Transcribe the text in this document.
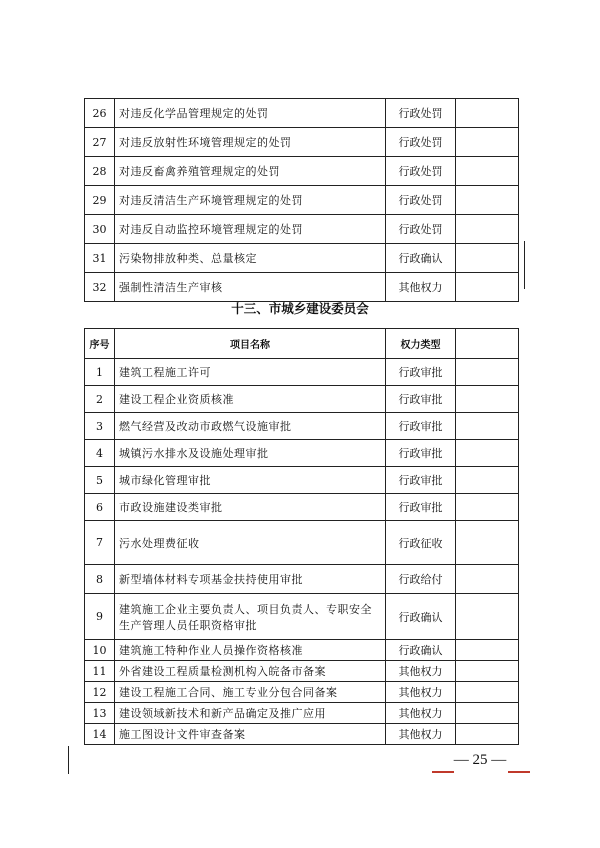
26	对违反化学品管理规定的处罚	行政处罚	
27	对违反放射性环境管理规定的处罚	行政处罚	
28	对违反畜禽养殖管理规定的处罚	行政处罚	
29	对违反清洁生产环境管理规定的处罚	行政处罚	
30	对违反自动监控环境管理规定的处罚	行政处罚	
31	污染物排放种类、总量核定	行政确认	
32	强制性清洁生产审核	其他权力	
十三、市城乡建设委员会
序号	项目名称	权力类型	
1	建筑工程施工许可	行政审批	
2	建设工程企业资质核准	行政审批	
3	燃气经营及改动市政燃气设施审批	行政审批	
4	城镇污水排水及设施处理审批	行政审批	
5	城市绿化管理审批	行政审批	
6	市政设施建设类审批	行政审批	
7	污水处理费征收	行政征收	
8	新型墙体材料专项基金扶持使用审批	行政给付	
9	建筑施工企业主要负责人、项目负责人、专职安全生产管理人员任职资格审批	行政确认	
10	建筑施工特种作业人员操作资格核准	行政确认	
11	外省建设工程质量检测机构入皖备市备案	其他权力	
12	建设工程施工合同、施工专业分包合同备案	其他权力	
13	建设领域新技术和新产品确定及推广应用	其他权力	
14	施工图设计文件审查备案	其他权力	
— 25 —
